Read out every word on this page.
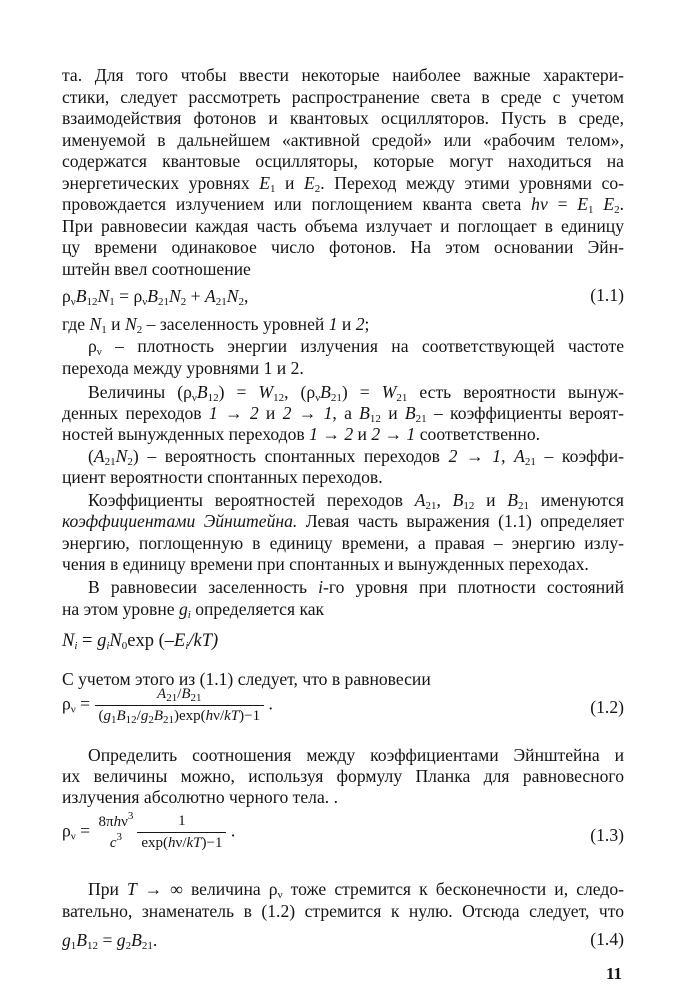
та. Для того чтобы ввести некоторые наиболее важные характери-
стики, следует рассмотреть распространение света в среде с учетом
взаимодействия фотонов и квантовых осцилляторов. Пусть в среде,
именуемой в дальнейшем «активной средой» или «рабочим телом»,
содержатся квантовые осцилляторы, которые могут находиться на
энергетических уровнях $E_1$ и $E_2$. Переход между этими уровнями со-
провождается излучением или поглощением кванта света $h\nu = E_1$ $E_2$.
При равновесии каждая часть объема излучает и поглощает в единицу
цу времени одинаковое число фотонов. На этом основании Эйн-
штейн ввел соотношение
$\rho_\nu B_{12}N_1 = \rho_\nu B_{21}N_2 + A_{21}N_2$,	(1.1)
где $N_1$ и $N_2$ – заселенность уровней 1 и 2;
$\rho_\nu$ – плотность энергии излучения на соответствующей частоте
перехода между уровнями 1 и 2.
Величины $(\rho_\nu B_{12}) = W_{12}$, $(\rho_\nu B_{21}) = W_{21}$ есть вероятности вынуж-
денных переходов 1 → 2 и 2 → 1, а $B_{12}$ и $B_{21}$ – коэффициенты вероят-
ностей вынужденных переходов 1 → 2 и 2 → 1 соответственно.
$(A_{21}N_2)$ – вероятность спонтанных переходов 2 → 1, $A_{21}$ – коэффи-
циент вероятности спонтанных переходов.
Коэффициенты вероятностей переходов $A_{21}$, $B_{12}$ и $B_{21}$ именуются
коэффициентами Эйнштейна. Левая часть выражения (1.1) определяет
энергию, поглощенную в единицу времени, а правая – энергию излу-
чения в единицу времени при спонтанных и вынужденных переходах.
В равновесии заселенность i-го уровня при плотности состояний
на этом уровне $g_i$ определяется как
$N_i = g_iN_0\exp$ $(-E_i/kT)$
С учетом этого из (1.1) следует, что в равновесии
$\rho_\nu = \frac{A_{21}/B_{21}}{(g_1B_{12}/g_2B_{21})\exp(h\nu/kT)-1}$ .	(1.2)
Определить соотношения между коэффициентами Эйнштейна и
их величины можно, используя формулу Планка для равновесного
излучения абсолютно черного тела. .
$\rho_\nu = 8\pi h\nu^3$
$c^3$	$\frac{1}{\exp(h\nu/kT)-1}$ .	(1.3)
При T → ∞ величина $\rho_\nu$ тоже стремится к бесконечности и, следо-
вательно, знаменатель в (1.2) стремится к нулю. Отсюда следует, что
$g_1B_{12} = g_2B_{21}$.	(1.4)
11
